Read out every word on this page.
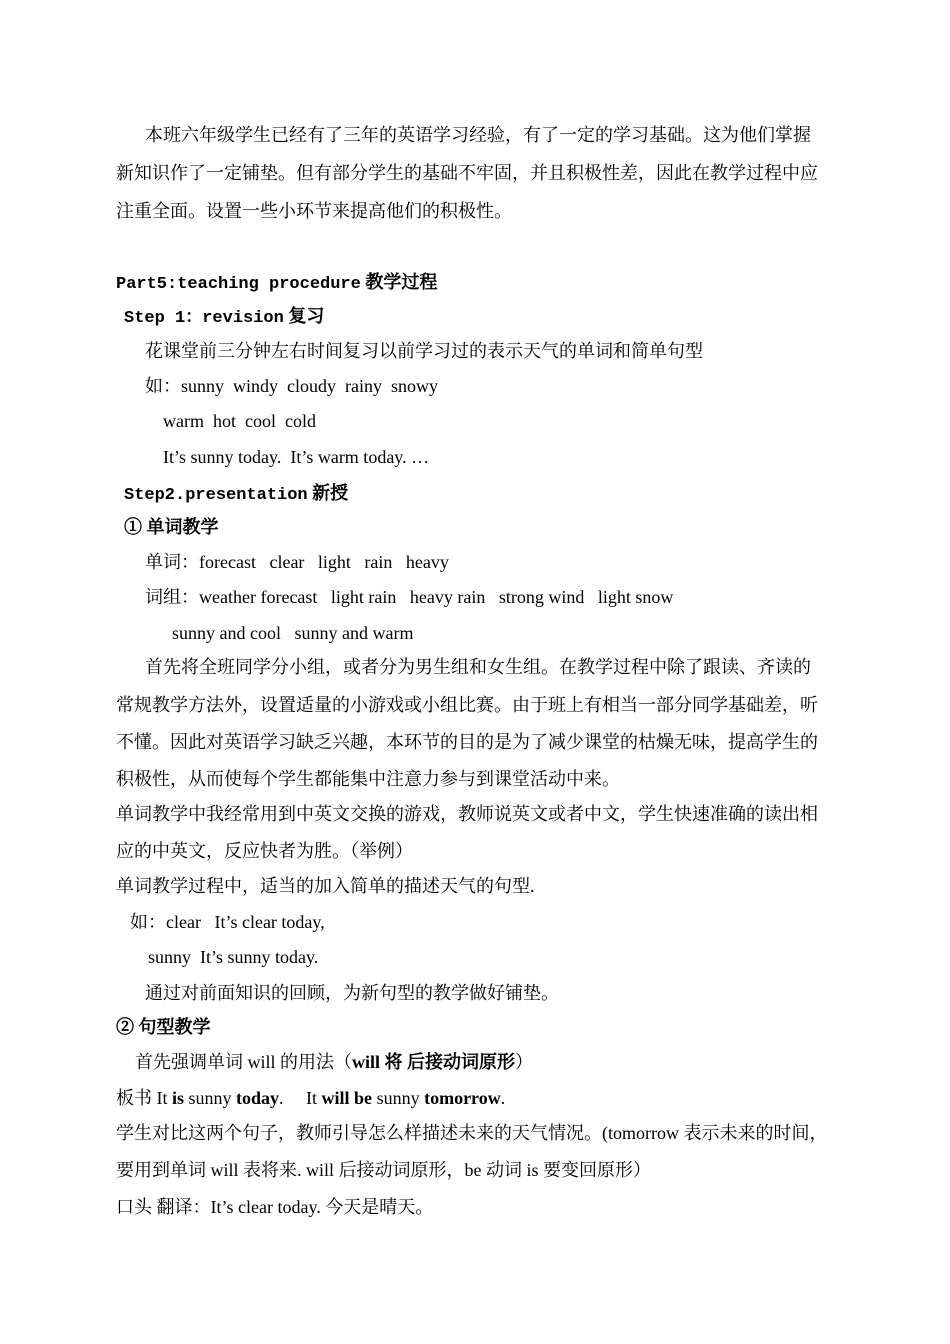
本班六年级学生已经有了三年的英语学习经验，有了一定的学习基础。这为他们掌握
新知识作了一定铺垫。但有部分学生的基础不牢固，并且积极性差，因此在教学过程中应
注重全面。设置一些小环节来提高他们的积极性。
Part5:teaching procedure 教学过程
Step 1：revision 复习
花课堂前三分钟左右时间复习以前学习过的表示天气的单词和简单句型
如：sunny  windy  cloudy  rainy  snowy
warm  hot  cool  cold
It’s sunny today.  It’s warm today. …
Step2.presentation 新授
① 单词教学
单词：forecast   clear   light   rain   heavy
词组：weather forecast   light rain   heavy rain   strong wind   light snow
sunny and cool   sunny and warm
首先将全班同学分小组，或者分为男生组和女生组。在教学过程中除了跟读、齐读的
常规教学方法外，设置适量的小游戏或小组比赛。由于班上有相当一部分同学基础差，听
不懂。因此对英语学习缺乏兴趣，本环节的目的是为了减少课堂的枯燥无味，提高学生的
积极性，从而使每个学生都能集中注意力参与到课堂活动中来。
单词教学中我经常用到中英文交换的游戏，教师说英文或者中文，学生快速准确的读出相
应的中英文，反应快者为胜。（举例）
单词教学过程中，适当的加入简单的描述天气的句型.
如：clear   It’s clear today,
sunny  It’s sunny today.
通过对前面知识的回顾，为新句型的教学做好铺垫。
② 句型教学
首先强调单词 will 的用法（will 将 后接动词原形）
板书 It is sunny today.     It will be sunny tomorrow.
学生对比这两个句子，教师引导怎么样描述未来的天气情况。(tomorrow 表示未来的时间，
要用到单词 will 表将来. will 后接动词原形，be 动词 is 要变回原形）
口头 翻译：It’s clear today. 今天是晴天。
